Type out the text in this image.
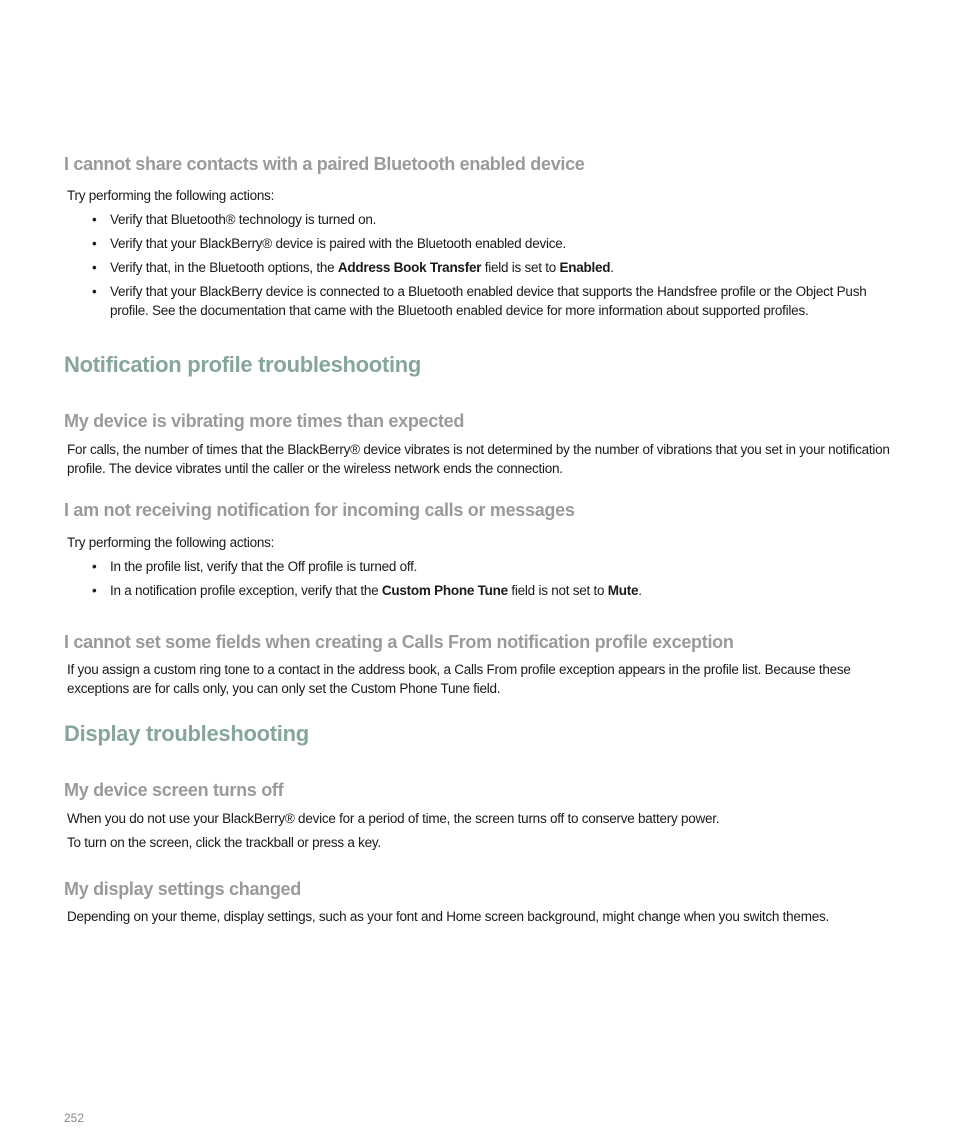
I cannot share contacts with a paired Bluetooth enabled device

Try performing the following actions:

• Verify that Bluetooth® technology is turned on.
• Verify that your BlackBerry® device is paired with the Bluetooth enabled device.
• Verify that, in the Bluetooth options, the Address Book Transfer field is set to Enabled.
• Verify that your BlackBerry device is connected to a Bluetooth enabled device that supports the Handsfree profile or the Object Push profile. See the documentation that came with the Bluetooth enabled device for more information about supported profiles.
Notification profile troubleshooting
My device is vibrating more times than expected

For calls, the number of times that the BlackBerry® device vibrates is not determined by the number of vibrations that you set in your notification profile. The device vibrates until the caller or the wireless network ends the connection.

I am not receiving notification for incoming calls or messages

Try performing the following actions:

• In the profile list, verify that the Off profile is turned off.
• In a notification profile exception, verify that the Custom Phone Tune field is not set to Mute.
I cannot set some fields when creating a Calls From notification profile exception

If you assign a custom ring tone to a contact in the address book, a Calls From profile exception appears in the profile list. Because these exceptions are for calls only, you can only set the Custom Phone Tune field.

Display troubleshooting
My device screen turns off

When you do not use your BlackBerry® device for a period of time, the screen turns off to conserve battery power.

To turn on the screen, click the trackball or press a key.

My display settings changed

Depending on your theme, display settings, such as your font and Home screen background, might change when you switch themes.

252
